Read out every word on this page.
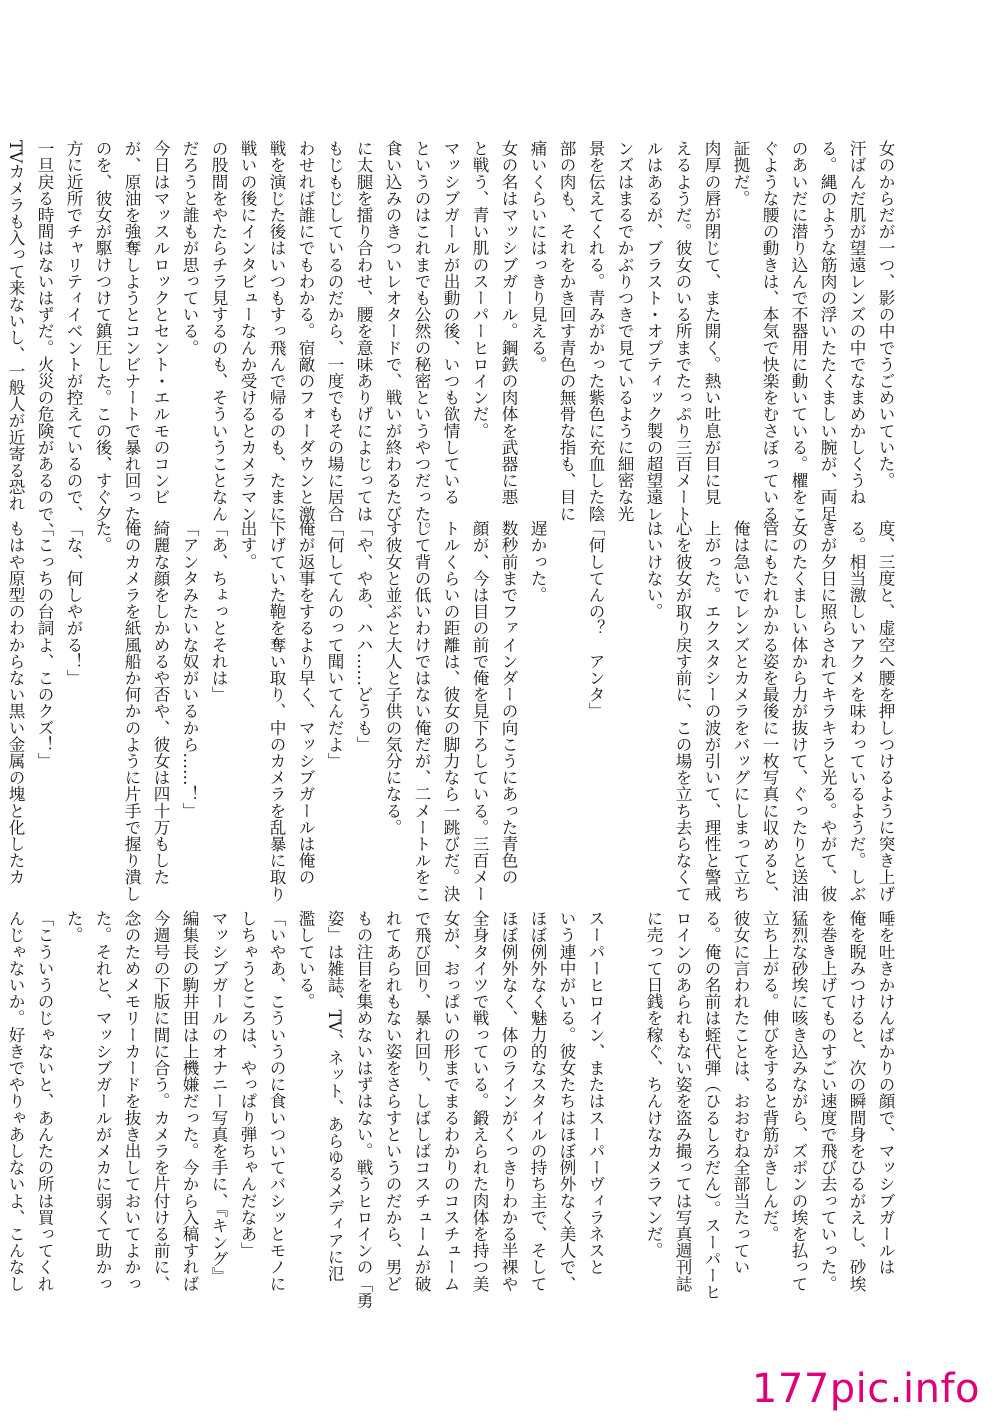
女のからだが一つ、影の中でうごめいていた。

汗ばんだ肌が望遠レンズの中でなまめかしくうね

る。縄のような筋肉の浮いたたくましい腕が、両足

のあいだに潜り込んで不器用に動いている。欋をこ

ぐような腰の動きは、本気で快楽をむさぼっている

証拠だ。

肉厚の唇が閉じて、また開く。熱い吐息が目に見

えるようだ。彼女のいる所までたっぷり三百メート

ルはあるが、ブラスト・オプティック製の超望遠レ

ンズはまるでかぶりつきで見ているように細密な光

景を伝えてくれる。青みがかった紫色に充血した陰

部の肉も、それをかき回す青色の無骨な指も、目に

痛いくらいにはっきり見える。

女の名はマッシブガール。鋼鉄の肉体を武器に悪

と戦う、青い肌のスーパーヒロインだ。

マッシブガールが出動の後、いつも欲情している

というのはこれまでも公然の秘密というやつだった。

食い込みのきついレオタードで、戦いが終わるたび

に太腿を擂り合わせ、腰を意味ありげによじっては

もじもじしているのだから、一度でもその場に居合

わせれば誰にでもわかる。宿敵のフォーダウンと激

戦を演じた後はいつもすっ飛んで帰るのも、たまに

戦いの後にインタビューなんか受けるとカメラマン

の股間をやたらチラ見するのも、そういうことなん

だろうと誰もが思っている。

今日はマッスルロックとセント・エルモのコンビ

が、原油を強奪しようとコンビナートで暴れ回った

のを、彼女が駆けつけて鎮圧した。この後、すぐ夕

方に近所でチャリティイベントが控えているので、

一旦戻る時間はないはずだ。火災の危険があるので、

TVカメラも入って来ないし、一般人が近寄る恐れ

度、三度と、虚空へ腰を押しつけるように突き上げ

る。相当激しいアクメを味わっているようだ。しぶ

きが夕日に照らされてキラキラと光る。やがて、彼

女のたくましい体から力が抜けて、ぐったりと送油

管にもたれかかる姿を最後に一枚写真に収めると、

俺は急いでレンズとカメラをバッグにしまって立ち

上がった。エクスタシーの波が引いて、理性と警戒

心を彼女が取り戻す前に、この場を立ち去らなくて

はいけない。

「何してんの？　アンタ」

遅かった。

数秒前までファインダーの向こうにあった青色の

顔が、今は目の前で俺を見下ろしている。三百メー

トルくらいの距離は、彼女の脚力なら一跳びだ。決

して背の低いわけではない俺だが、二メートルをこ

す彼女と並ぶと大人と子供の気分になる。

「や、やあ、ハハ……どうも」

「何してんのって聞いてんだよ」

俺が返事をするより早く、マッシブガールは俺の

下げていた鞄を奪い取り、中のカメラを乱暴に取り

出す。

「あ、ちょっとそれは」

「アンタみたいな奴がいるから……！」

綺麗な顔をしかめるや否や、彼女は四十万もした

俺のカメラを紙風船か何かのように片手で握り潰し

た。

「な、何しやがる！」

「こっちの台詞よ、このクズ！」

もはや原型のわからない黒い金属の塊と化したカ

唾を吐きかけんばかりの顔で、マッシブガールは

俺を睨みつけると、次の瞬間身をひるがえし、砂埃

を巻き上げてものすごい速度で飛び去っていった。

猛烈な砂埃に咳き込みながら、ズボンの埃を払って

立ち上がる。伸びをすると背筋がきしんだ。

彼女に言われたことは、おおむね全部当たってい

る。俺の名前は蛭代弾（ひるしろだん）。スーパーヒ

ロインのあられもない姿を盗み撮っては写真週刊誌

に売って日銭を稼ぐ、ちんけなカメラマンだ。

スーパーヒロイン、またはスーパーヴィラネスと

いう連中がいる。彼女たちはほぼ例外なく美人で、

ほぼ例外なく魅力的なスタイルの持ち主で、そして

ほぼ例外なく、体のラインがくっきりわかる半裸や

全身タイツで戦っている。鍛えられた肉体を持つ美

女が、おっぱいの形までまるわかりのコスチューム

で飛び回り、暴れ回り、しばしばコスチュームが破

れてあられもない姿をさらすというのだから、男ど

もの注目を集めないはずはない。戦うヒロインの「勇

姿」は雑誌、TV、ネット、あらゆるメディアに氾

濫している。

「いやあ、こういうのに食いついてバシッとモノに

しちゃうところは、やっぱり弾ちゃんだなあ」

マッシブガールのオナニー写真を手に、『キング』

編集長の駒井田は上機嫌だった。今から入稿すれば

今週号の下版に間に合う。カメラを片付ける前に、

念のためメモリーカードを抜き出しておいてよかっ

た。それと、マッシブガールがメカに弱くて助かっ

た。

「こういうのじゃないと、あんたの所は買ってくれ

んじゃないか。好きでやりゃあしないよ、こんなし

177pic.info
